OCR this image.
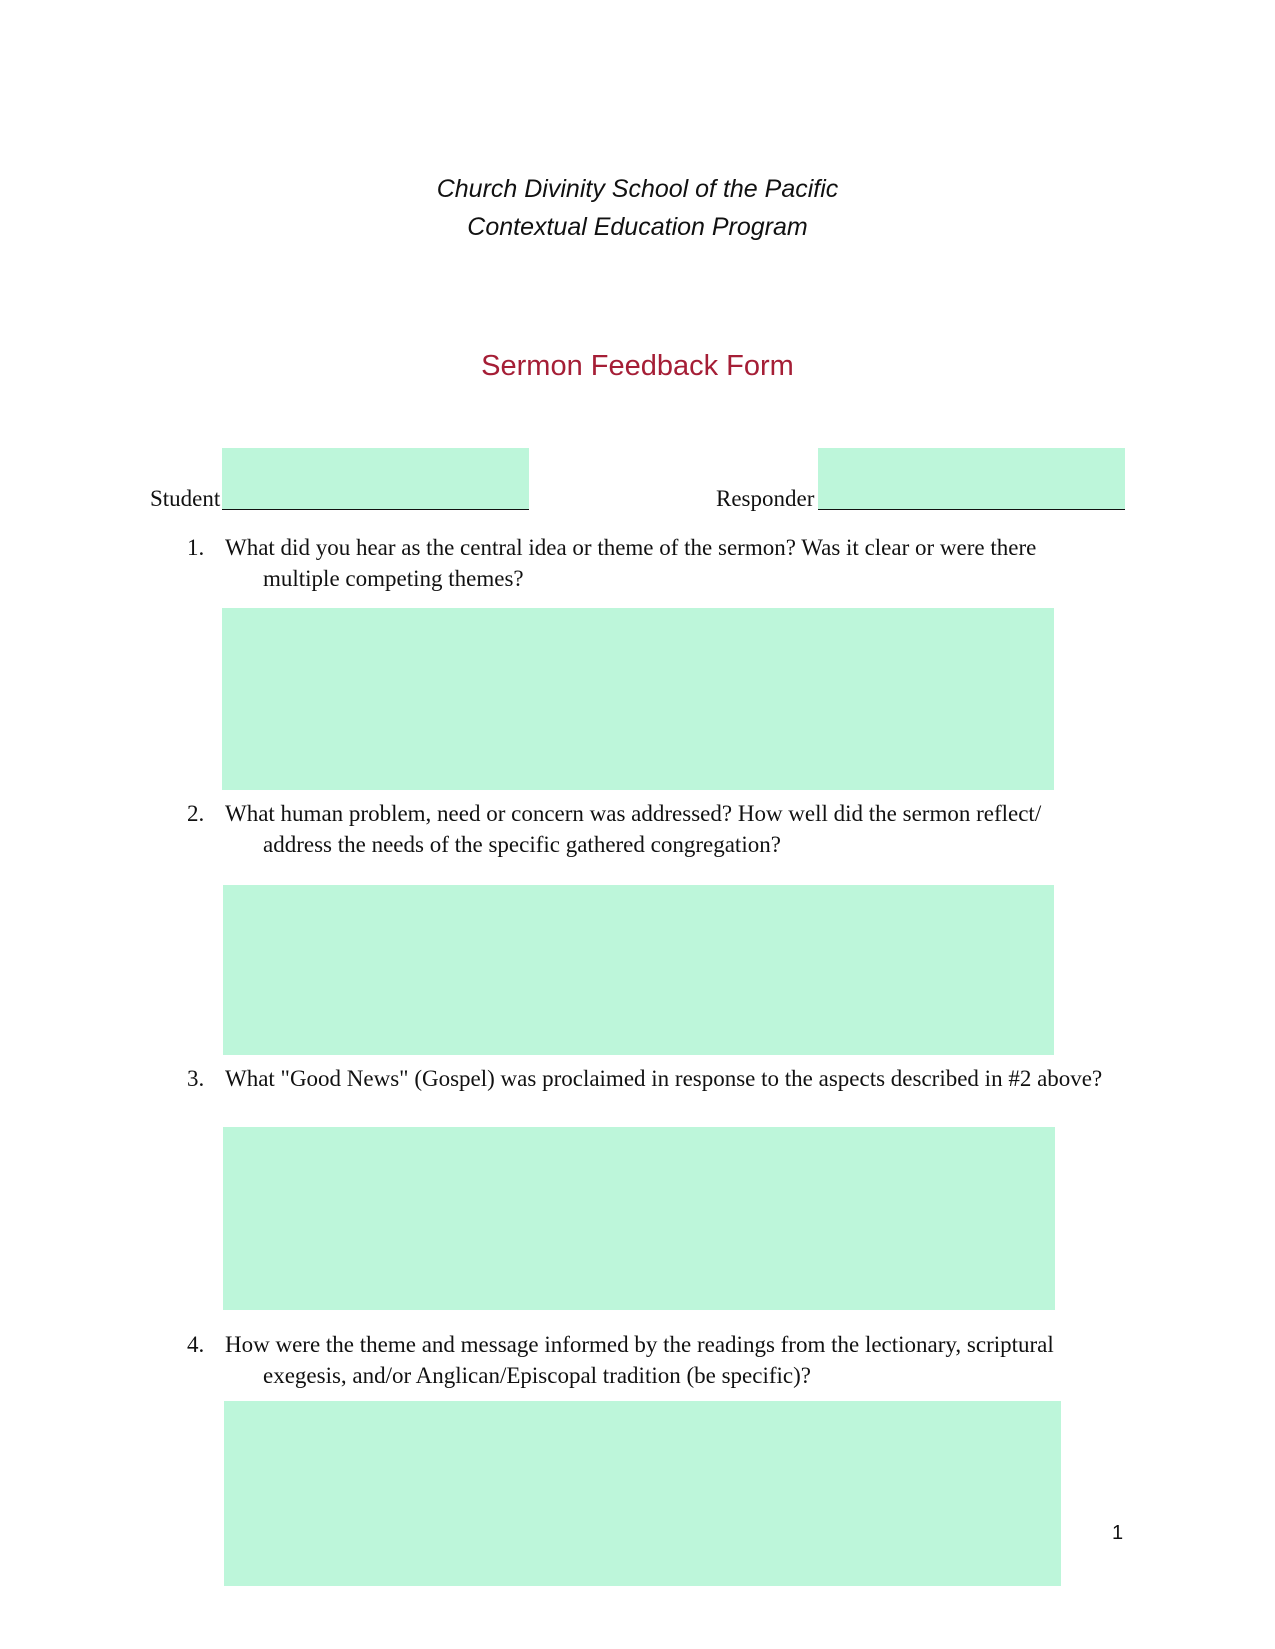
Church Divinity School of the Pacific
Contextual Education Program
Sermon Feedback Form
Student	Responder
1. What did you hear as the central idea or theme of the sermon? Was it clear or were there multiple competing themes?

2. What human problem, need or concern was addressed? How well did the sermon reflect/ address the needs of the specific gathered congregation?

3. What "Good News" (Gospel) was proclaimed in response to the aspects described in #2 above?

4. How were the theme and message informed by the readings from the lectionary, scriptural exegesis, and/or Anglican/Episcopal tradition (be specific)?

1
